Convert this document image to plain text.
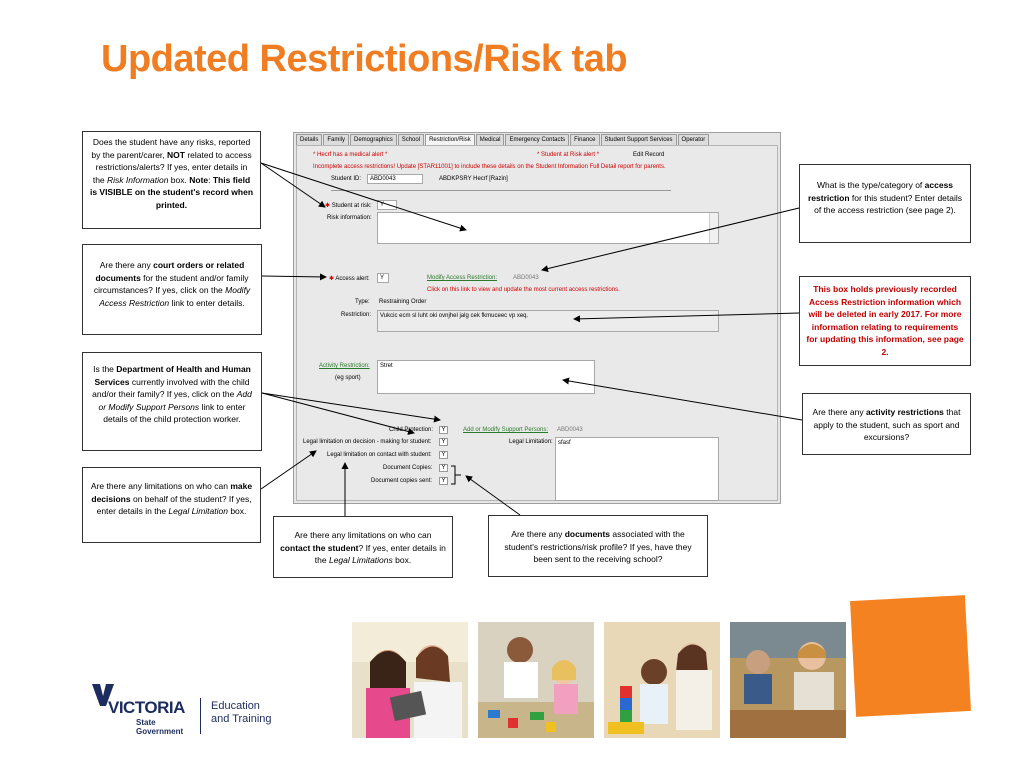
Updated Restrictions/Risk tab
Details	Family	Demographics	School	Restriction/Risk	Medical	Emergency Contacts	Finance	Student Support Services	Operator
* Hecrf has a medical alert *	* Student at Risk alert *	Edit Record
Incomplete access restrictions! Update [STAR11001] to include these details on the Student Information Full Detail report for parents.
Student ID:	ABD0043	ABDKPSRY Hecrf [Razin]
✱ Student at risk:	Y
Risk information:
✱ Access alert:	Y	Modify Access Restriction:	ABD0043
Click on this link to view and update the most current access restrictions.
Type: Restraining Order
Restriction:	Vukcic ecm sl luht oki ovnjhel jalg cek fkmuceec vp xeq.
Activity Restriction:
(eg sport)
Stret
Child Protection:	Y	Add or Modify Support Persons: ABD0043
Legal limitation on decision - making for student:	Y	Legal Limitation: sfasf
Legal limitation on contact with student:	Y
Document Copies:	Y
Document copies sent:	Y
Does the student have any risks, reported by the parent/carer, NOT related to access restrictions/alerts? If yes, enter details in the Risk Information box. Note: This field is VISIBLE on the student's record when printed.
Are there any court orders or related documents for the student and/or family circumstances? If yes, click on the Modify Access Restriction link to enter details.
Is the Department of Health and Human Services currently involved with the child and/or their family? If yes, click on the Add or Modify Support Persons link to enter details of the child protection worker.
Are there any limitations on who can make decisions on behalf of the student? If yes, enter details in the Legal Limitation box.
Are there any limitations on who can contact the student? If yes, enter details in the Legal Limitations box.
Are there any documents associated with the student's restrictions/risk profile? If yes, have they been sent to the receiving school?
What is the type/category of access restriction for this student? Enter details of the access restriction (see page 2).
This box holds previously recorded Access Restriction information which will be deleted in early 2017. For more information relating to requirements for updating this information, see page 2.
Are there any activity restrictions that apply to the student, such as sport and excursions?
VICTORIA
State
Government
Education
and Training
